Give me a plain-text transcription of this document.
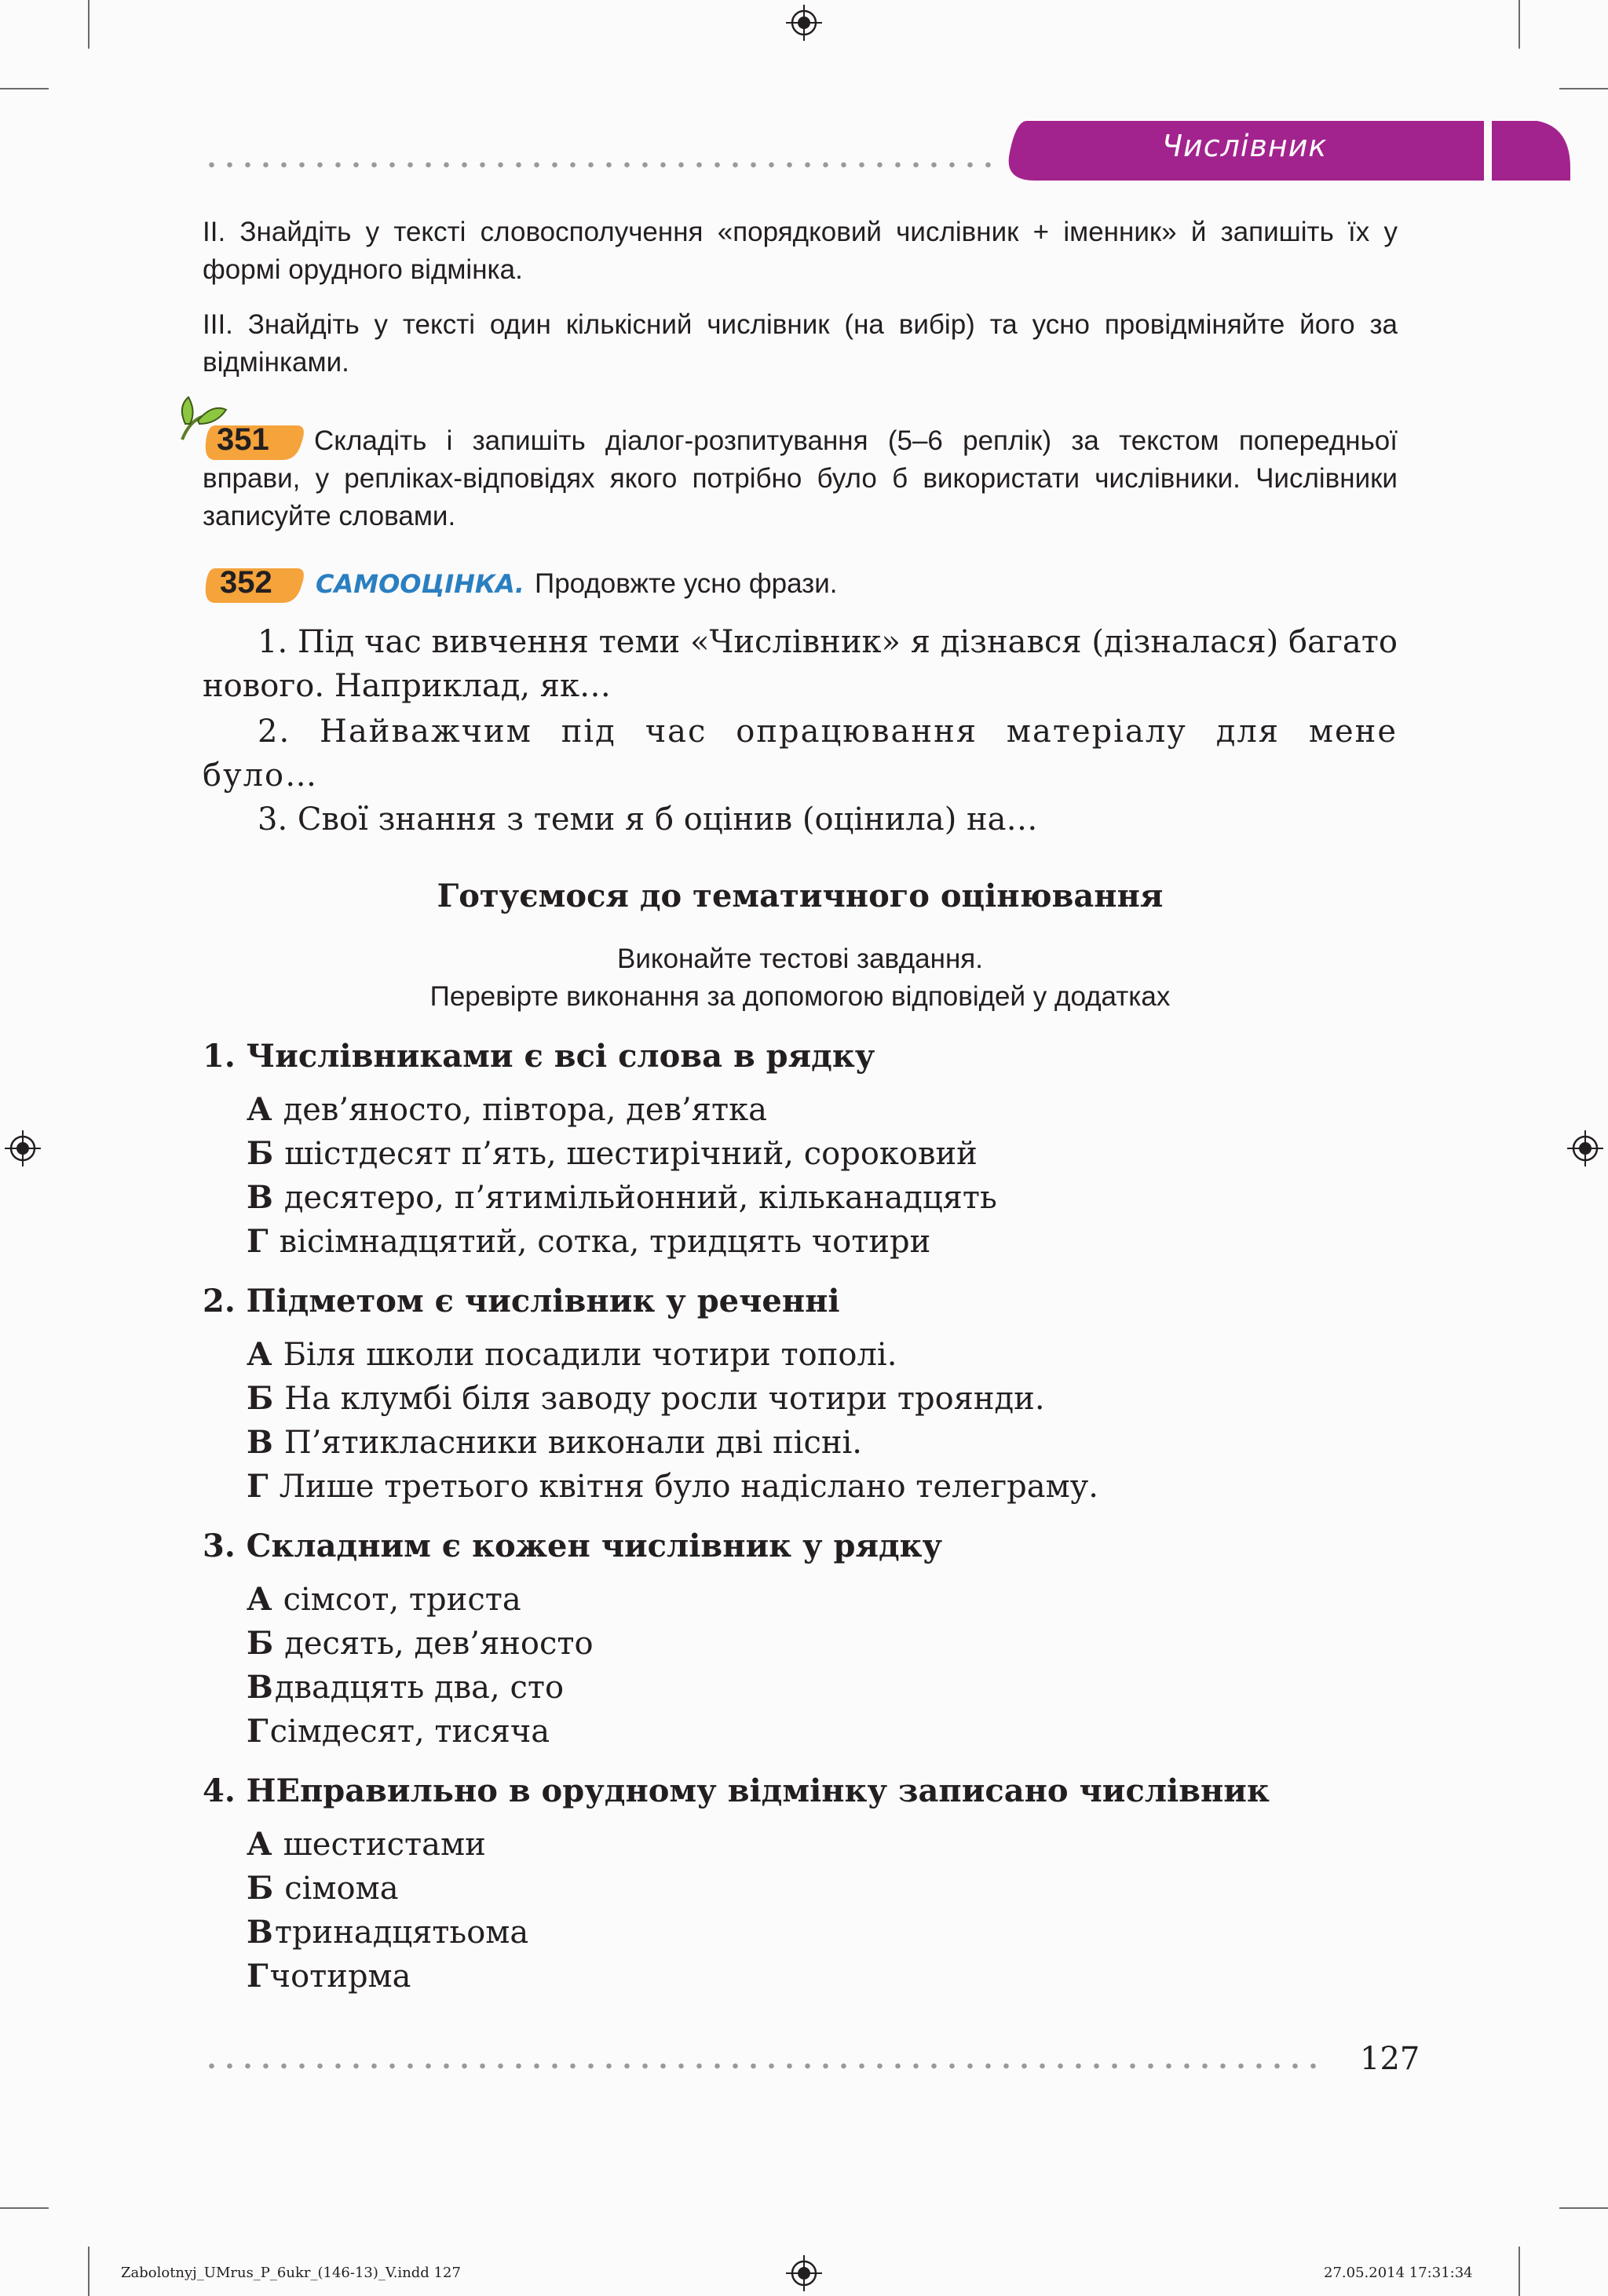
Числівник
II. Знайдіть у тексті словосполучення «порядковий числівник + іменник» й запишіть їх у формі орудного відмінка.
III. Знайдіть у тексті один кількісний числівник (на вибір) та усно провідміняйте його за відмінками.
351	Складіть і запишіть діалог-розпитування (5–6 реплік) за текстом попередньої вправи, у репліках-відповідях якого потрібно було б використати числівники. Числівники записуйте словами.
352 САМООЦІНКА. Продовжте усно фрази.
1. Під час вивчення теми «Числівник» я дізнався (дізналася) багато нового. Наприклад, як…
2. Найважчим під час опрацювання матеріалу для мене було…
3. Свої знання з теми я б оцінив (оцінила) на…
Готуємося до тематичного оцінювання
Виконайте тестові завдання.
Перевірте виконання за допомогою відповідей у додатках
1. Числівниками є всі слова в рядку
А дев’яносто, півтора, дев’ятка
Б шістдесят п’ять, шестирічний, сороковий
В десятеро, п’ятимільйонний, кільканадцять
Г вісімнадцятий, сотка, тридцять чотири
2. Підметом є числівник у реченні
А Біля школи посадили чотири тополі.
Б На клумбі біля заводу росли чотири троянди.
В П’ятикласники виконали дві пісні.
Г Лише третього квітня було надіслано телеграму.
3. Складним є кожен числівник у рядку
А сімсот, триста
Б десять, дев’яносто
Вдвадцять два, сто
Гсімдесят, тисяча
4. НЕправильно в орудному відмінку записано числівник
А шестистами
Б сімома
Втринадцятьома
Гчотирма
127
Zabolotnyj_UMrus_P_6ukr_(146-13)_V.indd 127	27.05.2014 17:31:34
